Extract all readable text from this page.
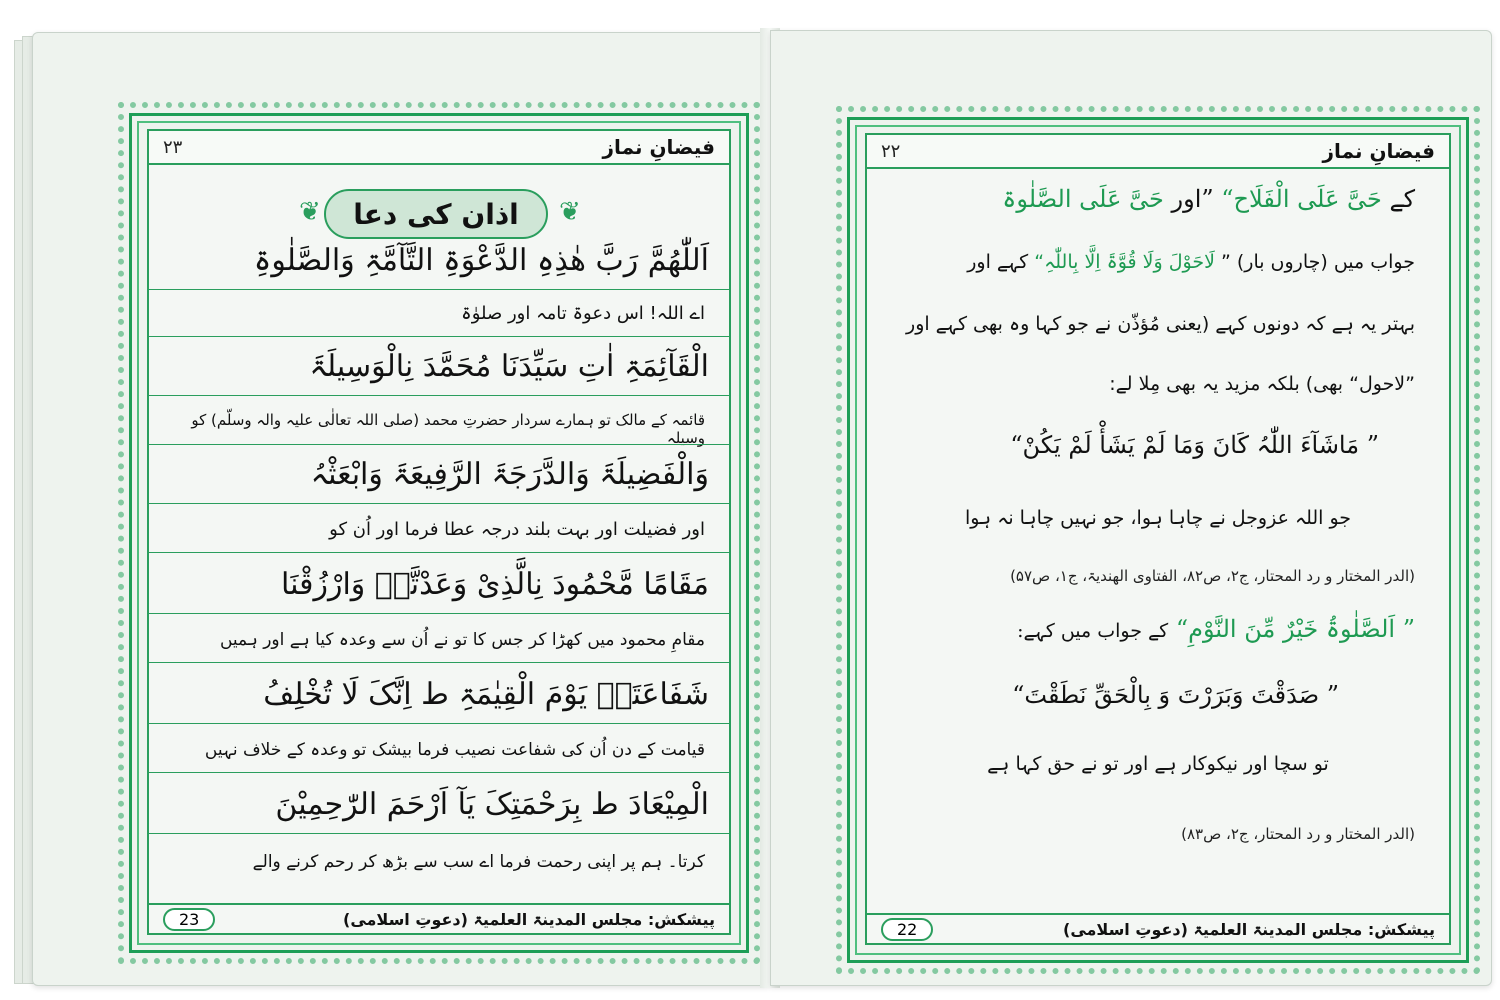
۲۳	فیضانِ نماز
❦	❦
اذان کی دعا
اَللّٰھُمَّ رَبَّ ھٰذِہِ الدَّعْوَۃِ التَّآمَّۃِ وَالصَّلٰوۃِ
اے اللہ! اس دعوۃ تامہ اور صلوٰۃ
الْقَآئِمَۃِ اٰتِ سَیِّدَنَا مُحَمَّدَ نِالْوَسِیلَۃَ
قائمہ کے مالک تو ہمارے سردار حضرتِ محمد (صلی اللہ تعالٰی علیہ والہ وسلّم) کو وسیلہ
وَالْفَضِیلَۃَ وَالدَّرَجَۃَ الرَّفِیعَۃَ وَابْعَثْہُ
اور فضیلت اور بہت بلند درجہ عطا فرما اور اُن کو
مَقَامًا مَّحْمُودَ نِالَّذِیْ وَعَدْتَّہٗ وَارْزُقْنَا
مقامِ محمود میں کھڑا کر جس کا تو نے اُن سے وعدہ کیا ہے اور ہمیں
شَفَاعَتَہٗ یَوْمَ الْقِیٰمَۃِ ط اِنَّکَ لَا تُخْلِفُ
قیامت کے دن اُن کی شفاعت نصیب فرما بیشک تو وعدہ کے خلاف نہیں
الْمِیْعَادَ ط بِرَحْمَتِکَ یَآ اَرْحَمَ الرّٰحِمِیْنَ
کرتا۔ ہم پر اپنی رحمت فرما اے سب سے بڑھ کر رحم کرنے والے
23	پیشکش: مجلس المدینۃ العلمیۃ (دعوتِ اسلامی)
۲۲	فیضانِ نماز
کے حَیَّ عَلَی الْفَلَاح“ ”اور حَیَّ عَلَی الصَّلٰوۃ
جواب میں (چاروں بار) ” لَاحَوْلَ وَلَا قُوَّۃَ اِلَّا بِاللّٰہِ“ کہے اور
بہتر یہ ہے کہ دونوں کہے (یعنی مُؤذّن نے جو کہا وہ بھی کہے اور
”لاحول“ بھی) بلکہ مزید یہ بھی مِلا لے:
” مَاشَآءَ اللّٰہُ کَانَ وَمَا لَمْ یَشَأْ لَمْ یَکُنْ“
جو اللہ عزوجل نے چاہا ہوا، جو نہیں چاہا نہ ہوا
(الدر المختار و رد المحتار، ج۲، ص۸۲، الفتاوی الھندیۃ، ج۱، ص۵۷)
” اَلصَّلٰوۃُ خَیْرٌ مِّنَ النَّوْمِ“ کے جواب میں کہے:
” صَدَقْتَ وَبَرَرْتَ وَ بِالْحَقِّ نَطَقْتَ“
تو سچا اور نیکوکار ہے اور تو نے حق کہا ہے
(الدر المختار و رد المحتار، ج۲، ص۸۳)
22	پیشکش: مجلس المدینۃ العلمیۃ (دعوتِ اسلامی)
